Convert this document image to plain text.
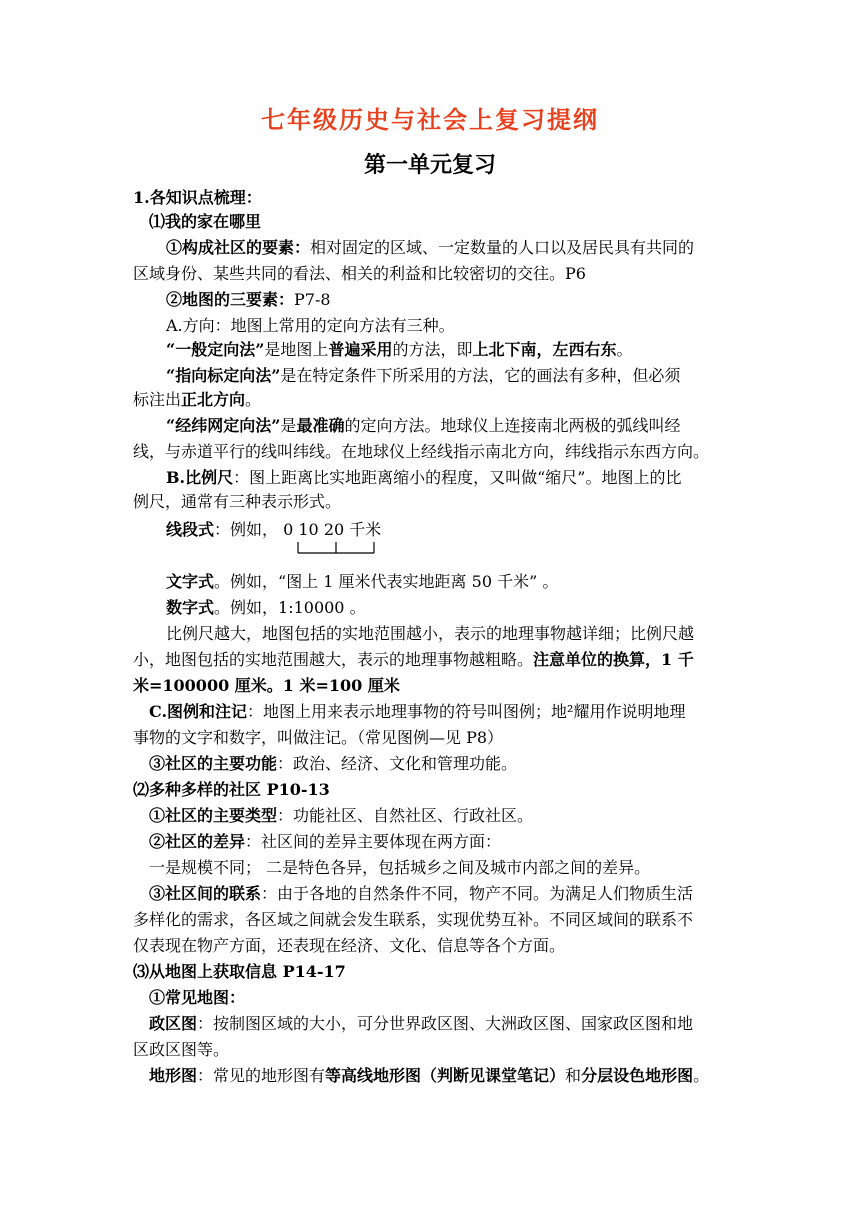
七年级历史与社会上复习提纲
第一单元复习
1.各知识点梳理：
⑴我的家在哪里
①构成社区的要素：相对固定的区域、一定数量的人口以及居民具有共同的
区域身份、某些共同的看法、相关的利益和比较密切的交往。P6
②地图的三要素：P7-8
A.方向：地图上常用的定向方法有三种。
“一般定向法”是地图上普遍采用的方法，即上北下南，左西右东。
“指向标定向法”是在特定条件下所采用的方法，它的画法有多种，但必须
标注出正北方向。
“经纬网定向法”是最准确的定向方法。地球仪上连接南北两极的弧线叫经
线，与赤道平行的线叫纬线。在地球仪上经线指示南北方向，纬线指示东西方向。
B.比例尺：图上距离比实地距离缩小的程度，又叫做“缩尺”。地图上的比
例尺，通常有三种表示形式。
线段式：例如， 0 10 20 千米
文字式。例如，“图上 1 厘米代表实地距离 50 千米” 。
数字式。例如，1:10000 。
比例尺越大，地图包括的实地范围越小，表示的地理事物越详细；比例尺越
小，地图包括的实地范围越大，表示的地理事物越粗略。注意单位的换算，1 千
米=100000 厘米。1 米=100 厘米
C.图例和注记：地图上用来表示地理事物的符号叫图例；地²耀用作说明地理
事物的文字和数字，叫做注记。（常见图例—见 P8）
③社区的主要功能：政治、经济、文化和管理功能。
⑵多种多样的社区 P10-13
①社区的主要类型：功能社区、自然社区、行政社区。
②社区的差异：社区间的差异主要体现在两方面：
一是规模不同； 二是特色各异，包括城乡之间及城市内部之间的差异。
③社区间的联系：由于各地的自然条件不同，物产不同。为满足人们物质生活
多样化的需求，各区域之间就会发生联系，实现优势互补。不同区域间的联系不
仅表现在物产方面，还表现在经济、文化、信息等各个方面。
⑶从地图上获取信息 P14-17
①常见地图：
政区图：按制图区域的大小，可分世界政区图、大洲政区图、国家政区图和地
区政区图等。
地形图：常见的地形图有等高线地形图（判断见课堂笔记）和分层设色地形图。
